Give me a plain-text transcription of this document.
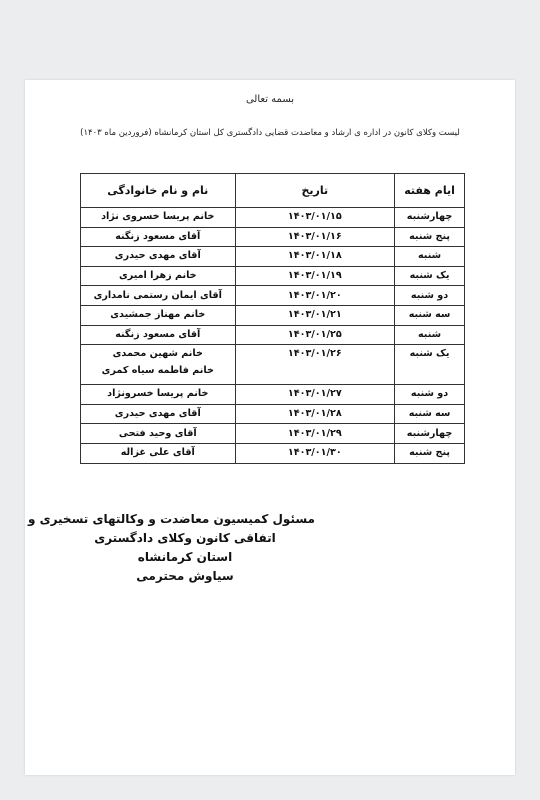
بسمه تعالی
لیست وکلای کانون در اداره ی ارشاد و معاضدت قضایی دادگستری کل استان کرمانشاه (فروردین ماه ۱۴۰۳)
ایام هفته	تاریخ	نام و نام خانوادگی
چهارشنبه	۱۴۰۳/۰۱/۱۵	خانم پریسا خسروی نژاد
پنج شنبه	۱۴۰۳/۰۱/۱۶	آقای مسعود زنگنه
شنبه	۱۴۰۳/۰۱/۱۸	آقای مهدی حیدری
یک شنبه	۱۴۰۳/۰۱/۱۹	خانم زهرا امیری
دو شنبه	۱۴۰۳/۰۱/۲۰	آقای ایمان رستمی نامداری
سه شنبه	۱۴۰۳/۰۱/۲۱	خانم مهناز جمشیدی
شنبه	۱۴۰۳/۰۱/۲۵	آقای مسعود زنگنه
یک شنبه	۱۴۰۳/۰۱/۲۶	خانم شهین محمدی
خانم فاطمه سیاه کمری

دو شنبه	۱۴۰۳/۰۱/۲۷	خانم پریسا خسرونژاد
سه شنبه	۱۴۰۳/۰۱/۲۸	آقای مهدی حیدری
چهارشنبه	۱۴۰۳/۰۱/۲۹	آقای وحید فتحی
پنج شنبه	۱۴۰۳/۰۱/۳۰	آقای علی غزاله
مسئول کمیسیون معاضدت و وکالتهای تسخیری و
اتفاقی کانون وکلای دادگستری
استان کرمانشاه
سیاوش محترمی
